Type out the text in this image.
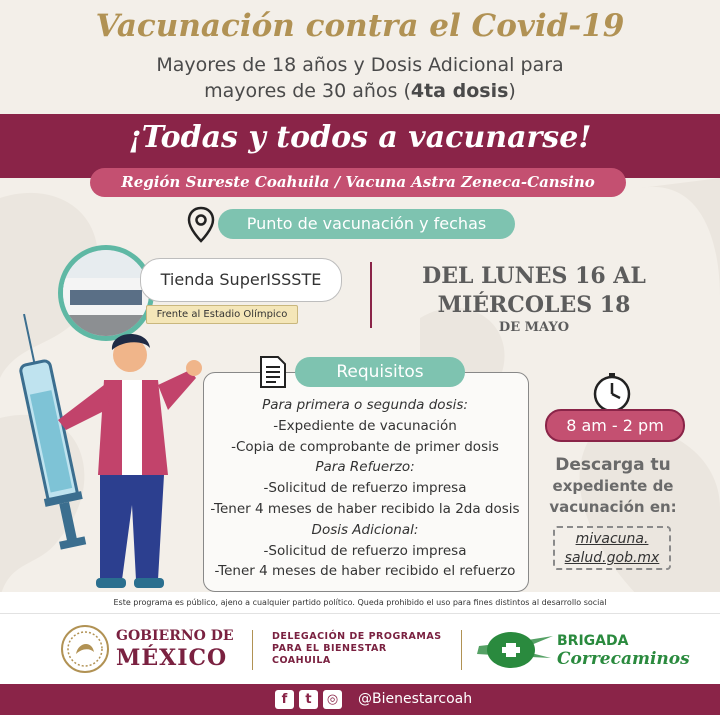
Vacunación contra el Covid-19
Mayores de 18 años y Dosis Adicional para
mayores de 30 años (4ta dosis)
¡Todas y todos a vacunarse!
Región Sureste Coahuila / Vacuna Astra Zeneca-Cansino
Punto de vacunación y fechas
Tienda SuperISSSTE
Frente al Estadio Olímpico
DEL LUNES 16 AL
MIÉRCOLES 18
DE MAYO
Requisitos
Para primera o segunda dosis:
-Expediente de vacunación
-Copia de comprobante de primer dosis
Para Refuerzo:
-Solicitud de refuerzo impresa
-Tener 4 meses de haber recibido la 2da dosis
Dosis Adicional:
-Solicitud de refuerzo impresa
-Tener 4 meses de haber recibido el refuerzo
8 am - 2 pm
Descarga tu
expediente de
vacunación en:
mivacuna.
salud.gob.mx
Este programa es público, ajeno a cualquier partido político. Queda prohibido el uso para fines distintos al desarrollo social
GOBIERNO DE
MÉXICO
DELEGACIÓN DE PROGRAMAS
PARA EL BIENESTAR
COAHUILA
BRIGADA
Correcaminos
f	t	◎ @Bienestarcoah
